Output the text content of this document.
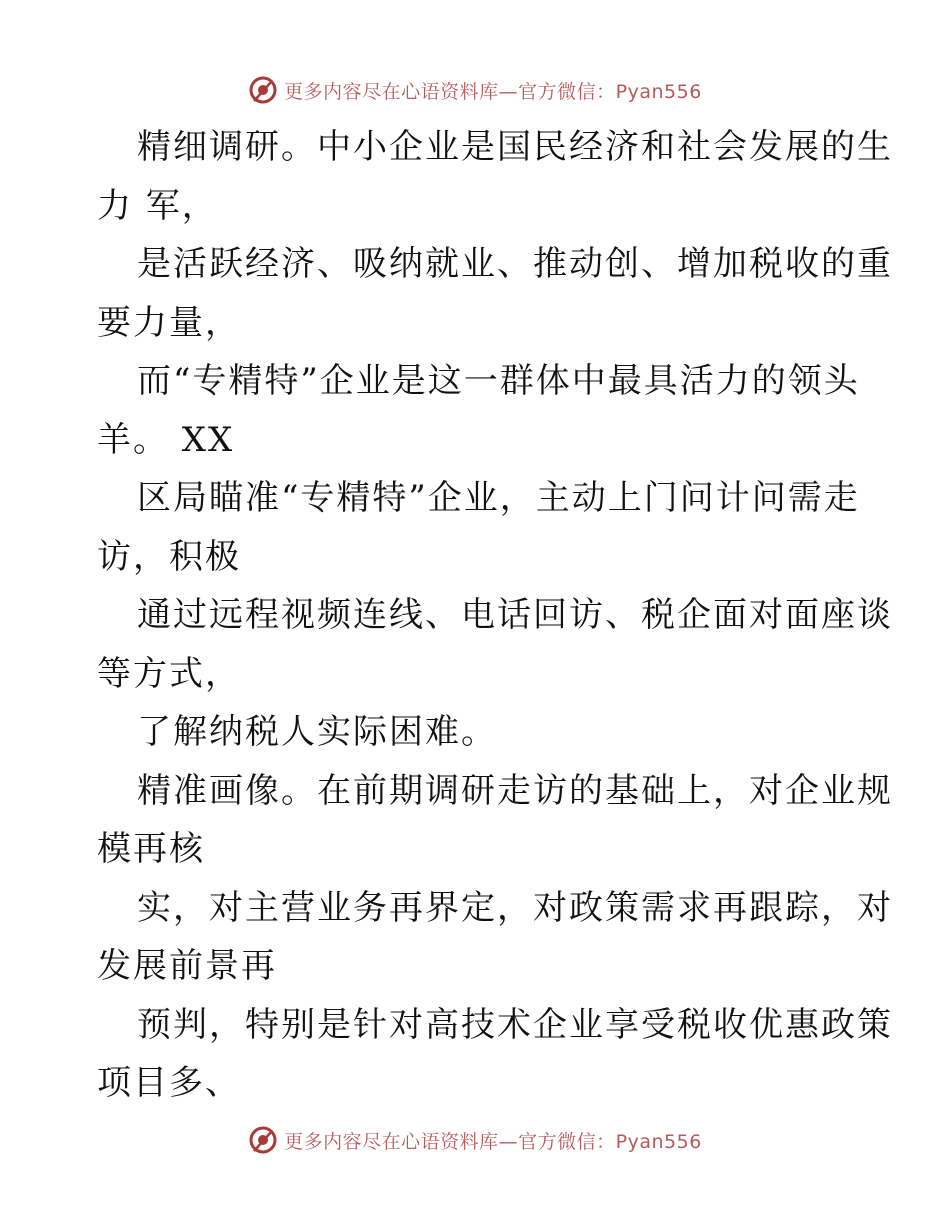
更多内容尽在心语资料库—官方微信：Pyan556
精细调研。中小企业是国民经济和社会发展的生
力 军，
是活跃经济、吸纳就业、推动创、增加税收的重
要力量，
而“专精特”企业是这一群体中最具活力的领头
羊。 XX
区局瞄准“专精特”企业，主动上门问计问需走
访，积极
通过远程视频连线、电话回访、税企面对面座谈
等方式，
了解纳税人实际困难。
精准画像。在前期调研走访的基础上，对企业规
模再核
实，对主营业务再界定，对政策需求再跟踪，对
发展前景再
预判，特别是针对高技术企业享受税收优惠政策
项目多、
更多内容尽在心语资料库—官方微信：Pyan556
